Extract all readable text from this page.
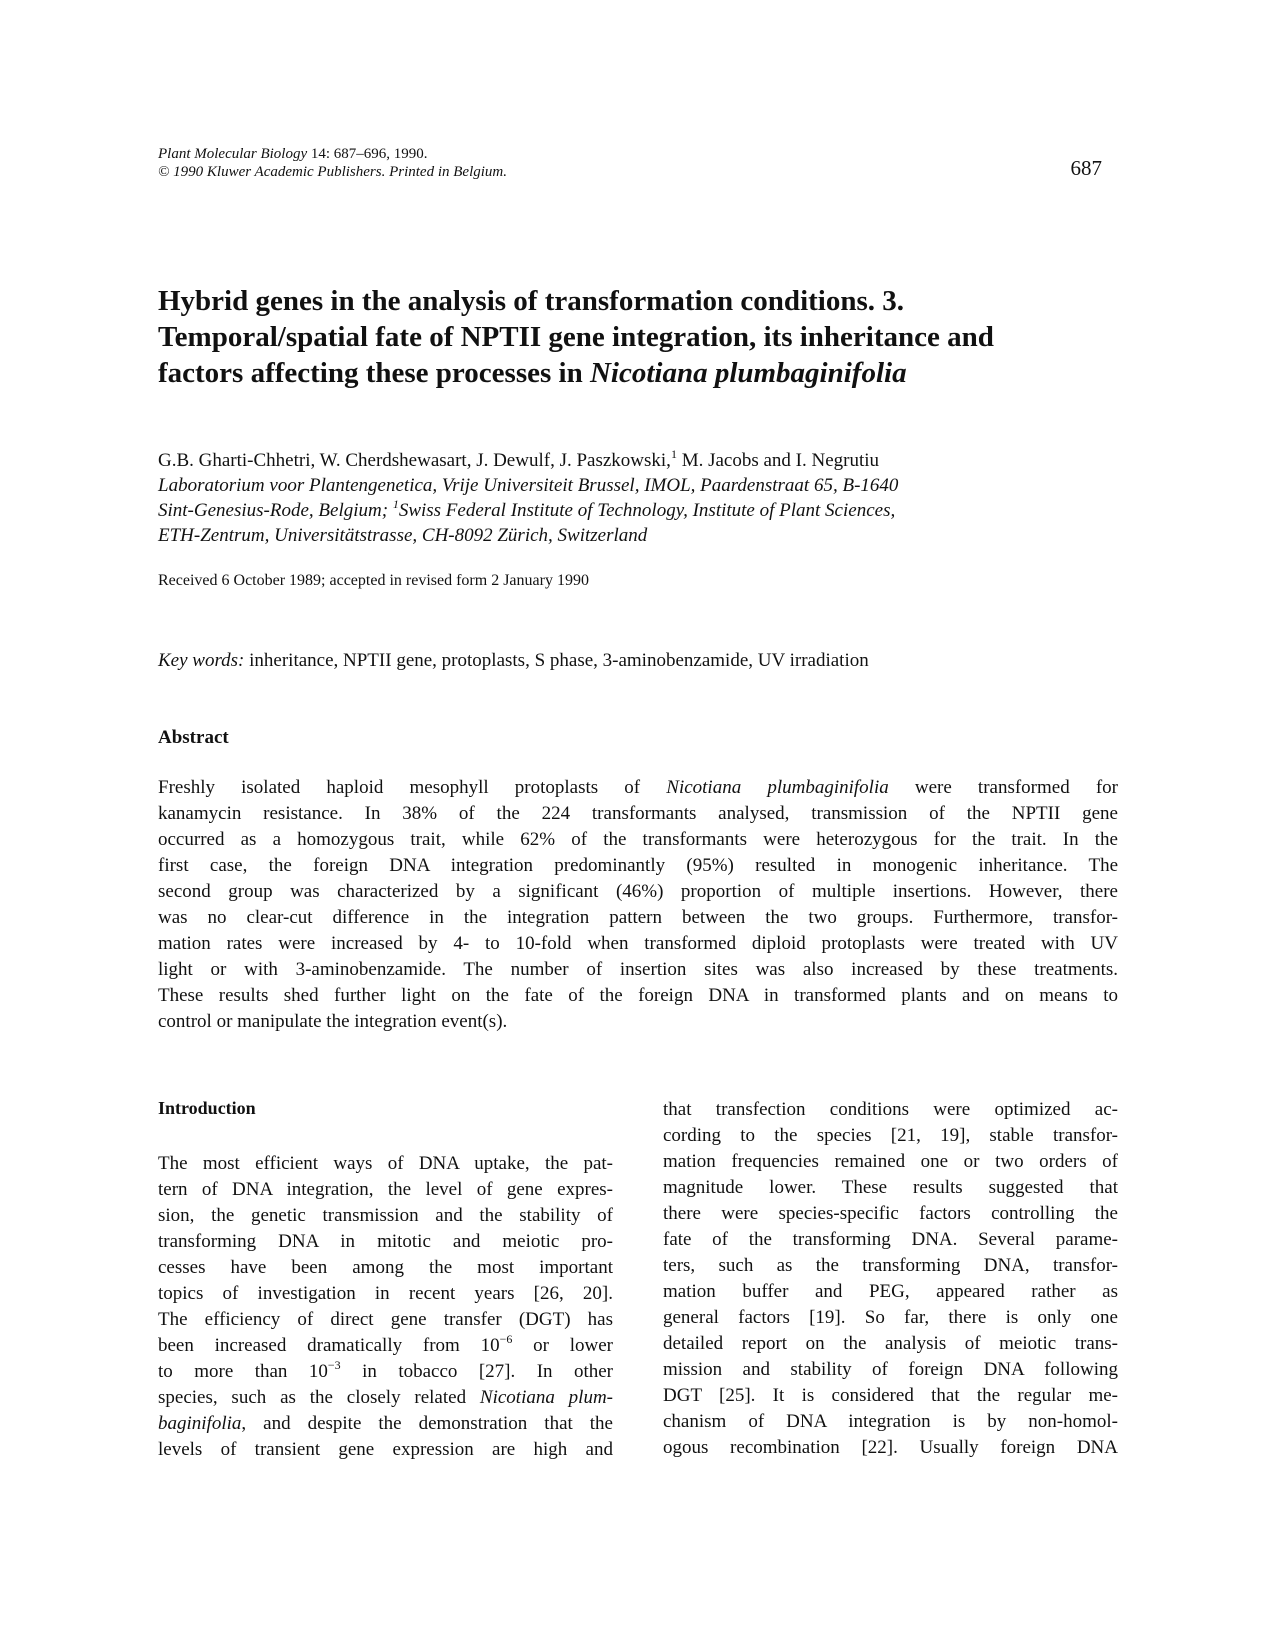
Plant Molecular Biology 14: 687–696, 1990.
© 1990 Kluwer Academic Publishers. Printed in Belgium.	687
Hybrid genes in the analysis of transformation conditions. 3.
Temporal/spatial fate of NPTII gene integration, its inheritance and
factors affecting these processes in Nicotiana plumbaginifolia
G.B. Gharti-Chhetri, W. Cherdshewasart, J. Dewulf, J. Paszkowski,$^1$ M. Jacobs and I. Negrutiu
Laboratorium voor Plantengenetica, Vrije Universiteit Brussel, IMOL, Paardenstraat 65, B-1640
Sint-Genesius-Rode, Belgium; $^1$Swiss Federal Institute of Technology, Institute of Plant Sciences,
ETH-Zentrum, Universitätstrasse, CH-8092 Zürich, Switzerland
Received 6 October 1989; accepted in revised form 2 January 1990
Key words: inheritance, NPTII gene, protoplasts, S phase, 3-aminobenzamide, UV irradiation
Abstract
Freshly isolated haploid mesophyll protoplasts of Nicotiana plumbaginifolia were transformed for
kanamycin resistance. In 38% of the 224 transformants analysed, transmission of the NPTII gene
occurred as a homozygous trait, while 62% of the transformants were heterozygous for the trait. In the
first case, the foreign DNA integration predominantly (95%) resulted in monogenic inheritance. The
second group was characterized by a significant (46%) proportion of multiple insertions. However, there
was no clear-cut difference in the integration pattern between the two groups. Furthermore, transfor-
mation rates were increased by 4- to 10-fold when transformed diploid protoplasts were treated with UV
light or with 3-aminobenzamide. The number of insertion sites was also increased by these treatments.
These results shed further light on the fate of the foreign DNA in transformed plants and on means to
control or manipulate the integration event(s).
Introduction
The most efficient ways of DNA uptake, the pat-
tern of DNA integration, the level of gene expres-
sion, the genetic transmission and the stability of
transforming DNA in mitotic and meiotic pro-
cesses have been among the most important
topics of investigation in recent years [26, 20].
The efficiency of direct gene transfer (DGT) has
been increased dramatically from $10^{-6}$ or lower
to more than $10^{-3}$ in tobacco [27]. In other
species, such as the closely related Nicotiana plum-
baginifolia, and despite the demonstration that the
levels of transient gene expression are high and
that transfection conditions were optimized ac-
cording to the species [21, 19], stable transfor-
mation frequencies remained one or two orders of
magnitude lower. These results suggested that
there were species-specific factors controlling the
fate of the transforming DNA. Several parame-
ters, such as the transforming DNA, transfor-
mation buffer and PEG, appeared rather as
general factors [19]. So far, there is only one
detailed report on the analysis of meiotic trans-
mission and stability of foreign DNA following
DGT [25]. It is considered that the regular me-
chanism of DNA integration is by non-homol-
ogous recombination [22]. Usually foreign DNA
